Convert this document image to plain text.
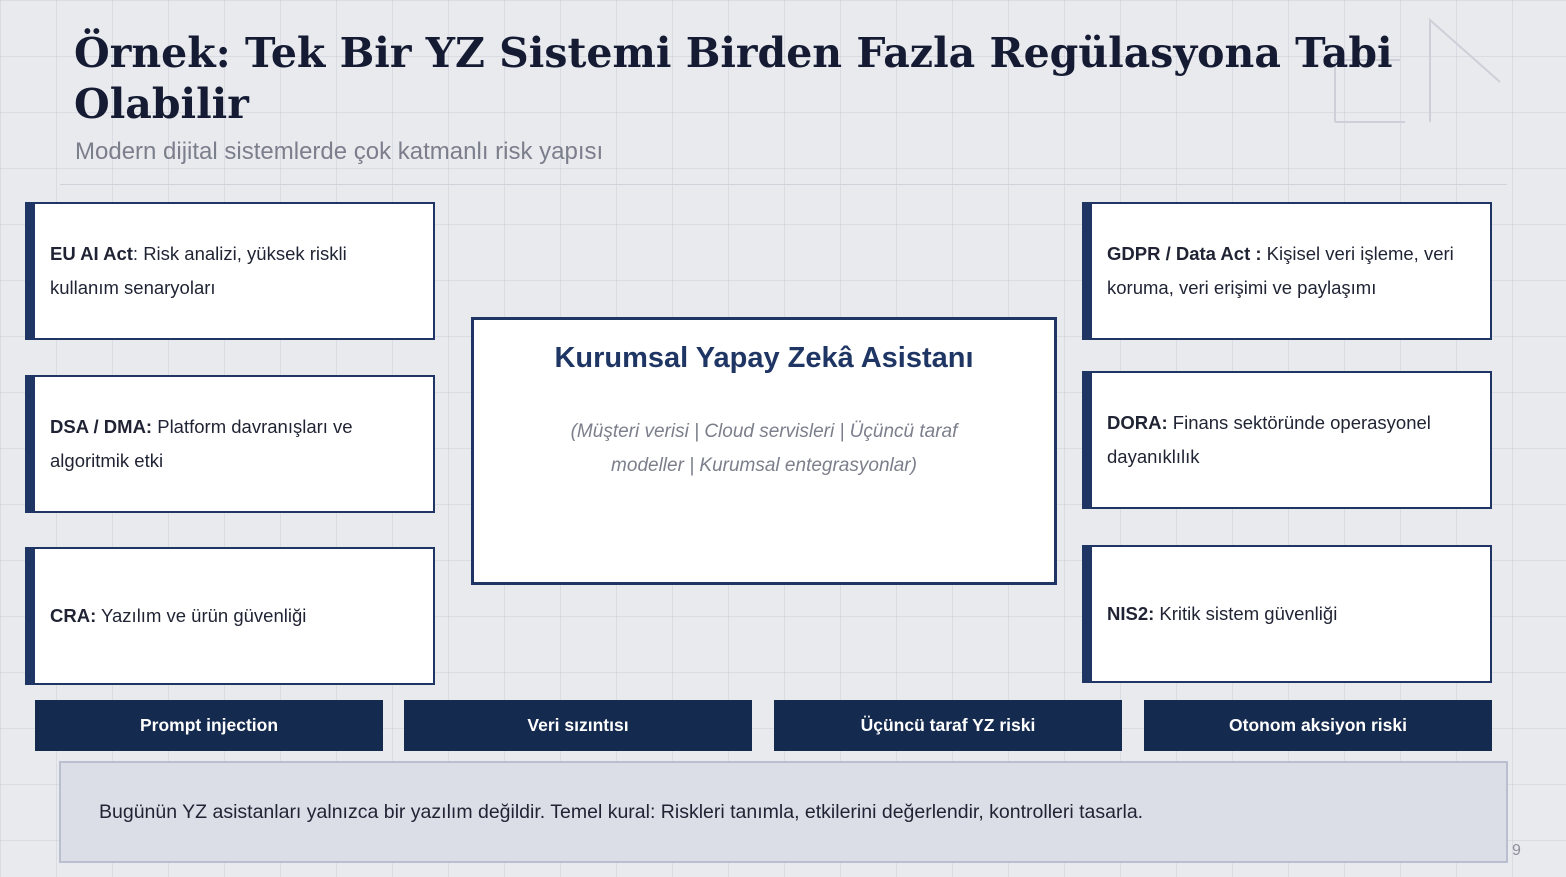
Örnek: Tek Bir YZ Sistemi Birden Fazla Regülasyona Tabi Olabilir

Modern dijital sistemlerde çok katmanlı risk yapısı

EU AI Act: Risk analizi, yüksek riskli kullanım senaryoları
DSA / DMA: Platform davranışları ve algoritmik etki
CRA: Yazılım ve ürün güvenliği
Kurumsal Yapay Zekâ Asistanı
(Müşteri verisi | Cloud servisleri | Üçüncü taraf modeller | Kurumsal entegrasyonlar)
GDPR / Data Act : Kişisel veri işleme, veri koruma, veri erişimi ve paylaşımı
DORA: Finans sektöründe operasyonel dayanıklılık
NIS2: Kritik sistem güvenliği
Prompt injection	Veri sızıntısı	Üçüncü taraf YZ riski	Otonom aksiyon riski
Bugünün YZ asistanları yalnızca bir yazılım değildir. Temel kural: Riskleri tanımla, etkilerini değerlendir, kontrolleri tasarla.
9
